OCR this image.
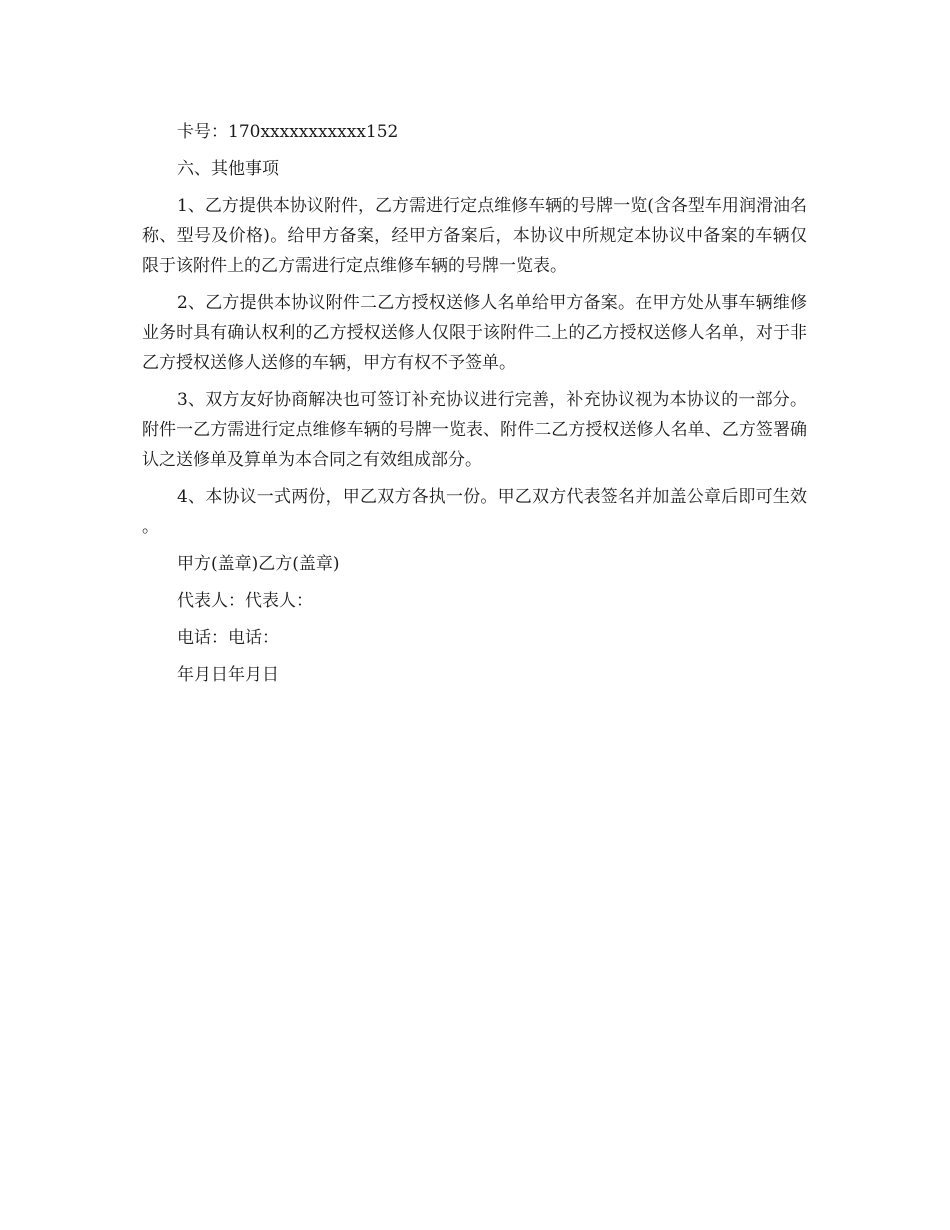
卡号：170xxxxxxxxxxx152

六、其他事项

1、乙方提供本协议附件，乙方需进行定点维修车辆的号牌一览(含各型车用润滑油名称、型号及价格)。给甲方备案，经甲方备案后，本协议中所规定本协议中备案的车辆仅限于该附件上的乙方需进行定点维修车辆的号牌一览表。

2、乙方提供本协议附件二乙方授权送修人名单给甲方备案。在甲方处从事车辆维修业务时具有确认权利的乙方授权送修人仅限于该附件二上的乙方授权送修人名单，对于非乙方授权送修人送修的车辆，甲方有权不予签单。

3、双方友好协商解决也可签订补充协议进行完善，补充协议视为本协议的一部分。附件一乙方需进行定点维修车辆的号牌一览表、附件二乙方授权送修人名单、乙方签署确认之送修单及算单为本合同之有效组成部分。

4、本协议一式两份，甲乙双方各执一份。甲乙双方代表签名并加盖公章后即可生效。

甲方(盖章)乙方(盖章)

代表人：代表人：

电话：电话：

年月日年月日
